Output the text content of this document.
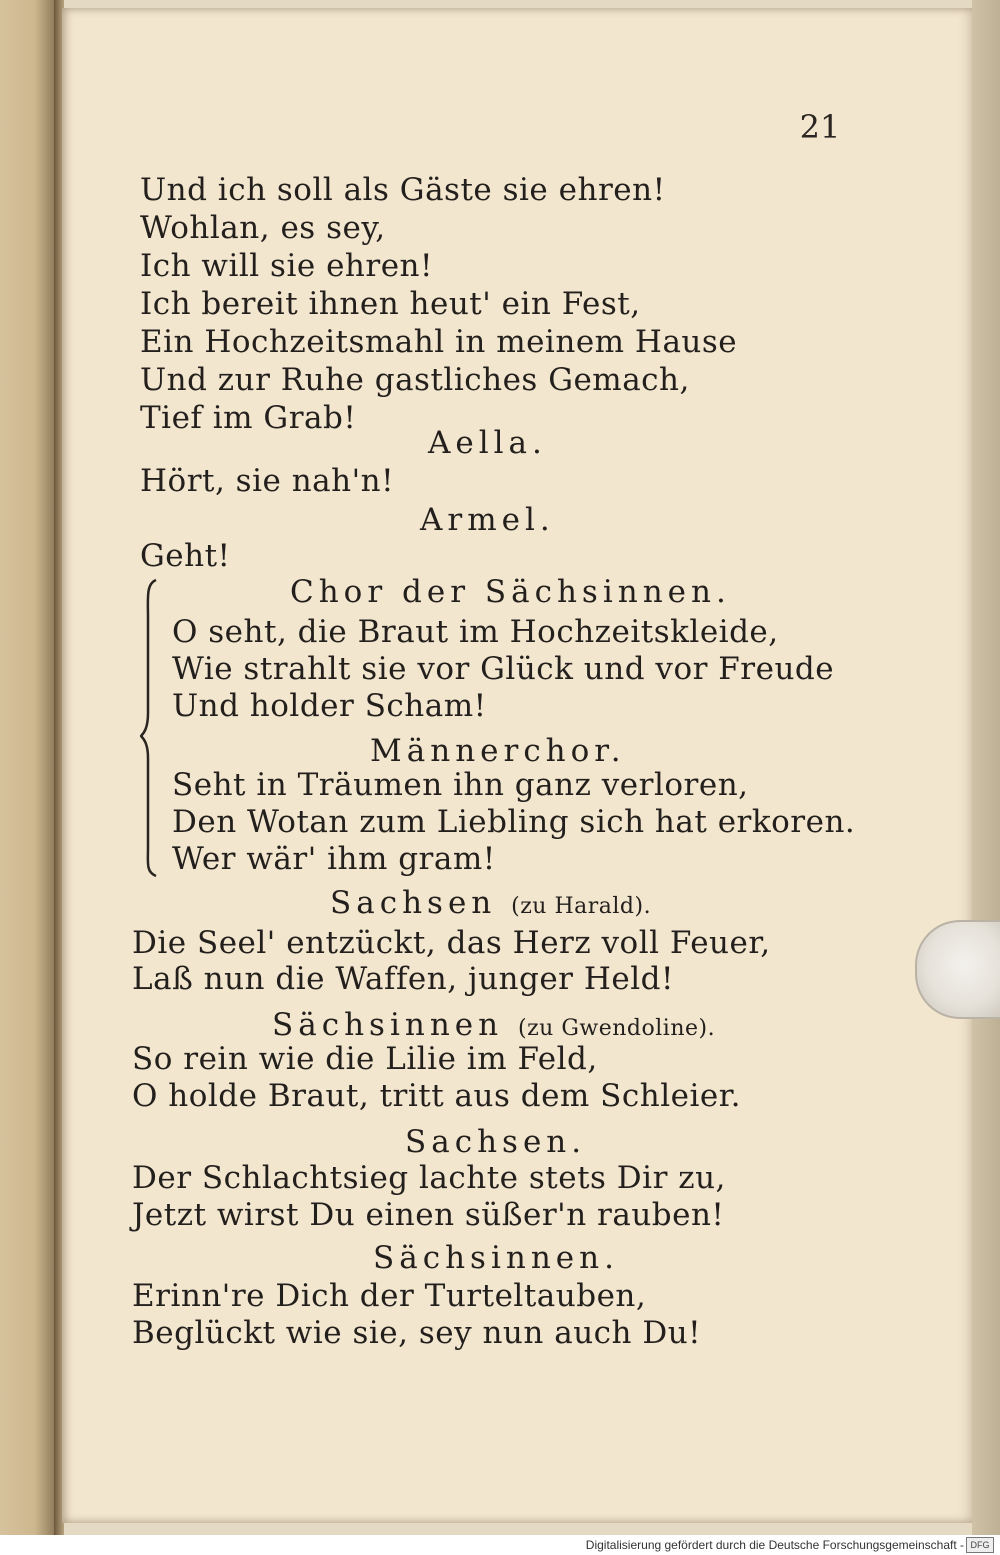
21
Und ich soll als Gäste sie ehren!
Wohlan, es sey,
Ich will sie ehren!
Ich bereit ihnen heut' ein Fest,
Ein Hochzeitsmahl in meinem Hause
Und zur Ruhe gastliches Gemach,
Tief im Grab!
Aella.
Hört, sie nah'n!
Armel.
Geht!
Chor der Sächsinnen.
O seht, die Braut im Hochzeitskleide,
Wie strahlt sie vor Glück und vor Freude
Und holder Scham!
Männerchor.
Seht in Träumen ihn ganz verloren,
Den Wotan zum Liebling sich hat erkoren.
Wer wär' ihm gram!
Sachsen (zu Harald).
Die Seel' entzückt, das Herz voll Feuer,
Laß nun die Waffen, junger Held!
Sächsinnen (zu Gwendoline).
So rein wie die Lilie im Feld,
O holde Braut, tritt aus dem Schleier.
Sachsen.
Der Schlachtsieg lachte stets Dir zu,
Jetzt wirst Du einen süßer'n rauben!
Sächsinnen.
Erinn're Dich der Turteltauben,
Beglückt wie sie, sey nun auch Du!
Digitalisierung gefördert durch die Deutsche Forschungsgemeinschaft - DFG
